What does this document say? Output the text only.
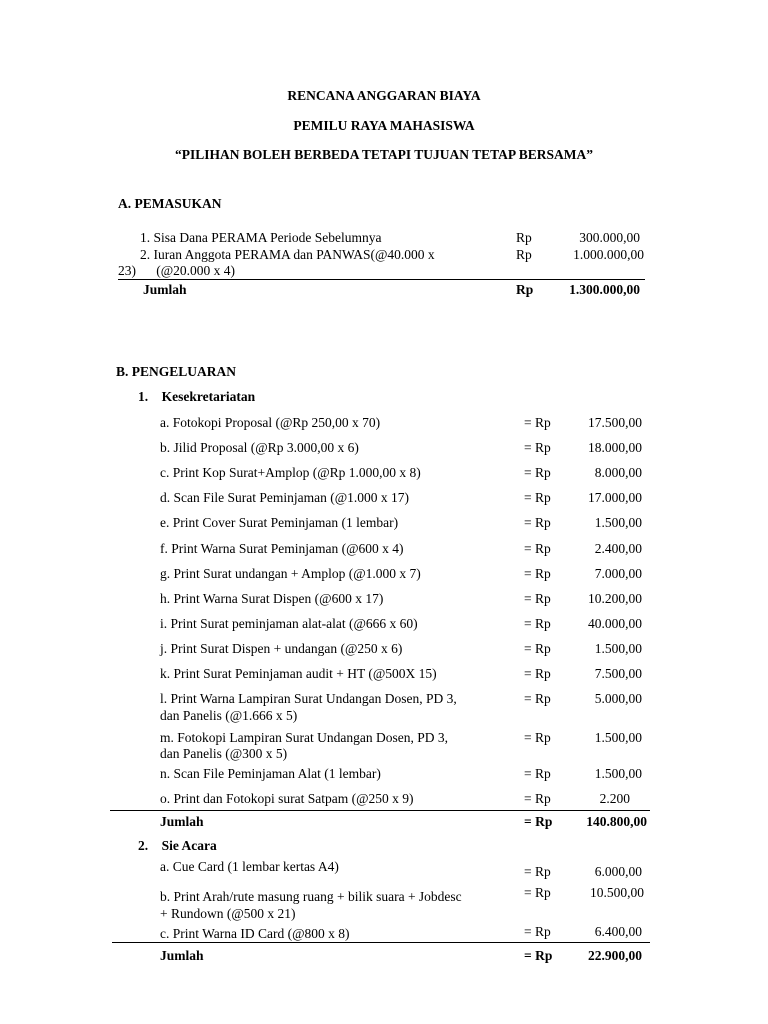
RENCANA ANGGARAN BIAYA
PEMILU RAYA MAHASISWA
“PILIHAN BOLEH BERBEDA TETAPI TUJUAN TETAP BERSAMA”
A. PEMASUKAN
1. Sisa Dana PERAMA Periode Sebelumnya	Rp	300.000,00
2. Iuran Anggota PERAMA dan PANWAS(@40.000 x
23)      (@20.000 x 4)
Rp	1.000.000,00
Jumlah	Rp	1.300.000,00
B. PENGELUARAN
1.    Kesekretariatan
a. Fotokopi Proposal (@Rp 250,00 x 70)	= Rp	17.500,00
b. Jilid Proposal (@Rp 3.000,00 x 6)	= Rp	18.000,00
c. Print Kop Surat+Amplop (@Rp 1.000,00 x 8)	= Rp	8.000,00
d. Scan File Surat Peminjaman (@1.000 x 17)	= Rp	17.000,00
e. Print Cover Surat Peminjaman (1 lembar)	= Rp	1.500,00
f. Print Warna Surat Peminjaman (@600 x 4)	= Rp	2.400,00
g. Print Surat undangan + Amplop (@1.000 x 7)	= Rp	7.000,00
h. Print Warna Surat Dispen (@600 x 17)	= Rp	10.200,00
i. Print Surat peminjaman alat-alat (@666 x 60)	= Rp	40.000,00
j. Print Surat Dispen + undangan (@250 x 6)	= Rp	1.500,00
k. Print Surat Peminjaman audit + HT (@500X 15)	= Rp	7.500,00
l. Print Warna Lampiran Surat Undangan Dosen, PD 3,
dan Panelis (@1.666 x 5)
= Rp	5.000,00
m. Fotokopi Lampiran Surat Undangan Dosen, PD 3,
dan Panelis (@300 x 5)
= Rp	1.500,00
n. Scan File Peminjaman Alat (1 lembar)	= Rp	1.500,00
o. Print dan Fotokopi surat Satpam (@250 x 9)	= Rp	2.200
Jumlah	= Rp	140.800,00
2.    Sie Acara
a. Cue Card (1 lembar kertas A4)	= Rp	6.000,00
b. Print Arah/rute masung ruang + bilik suara + Jobdesc
+ Rundown (@500 x 21)
= Rp	10.500,00
c. Print Warna ID Card (@800 x 8)	= Rp	6.400,00
Jumlah	= Rp	22.900,00
